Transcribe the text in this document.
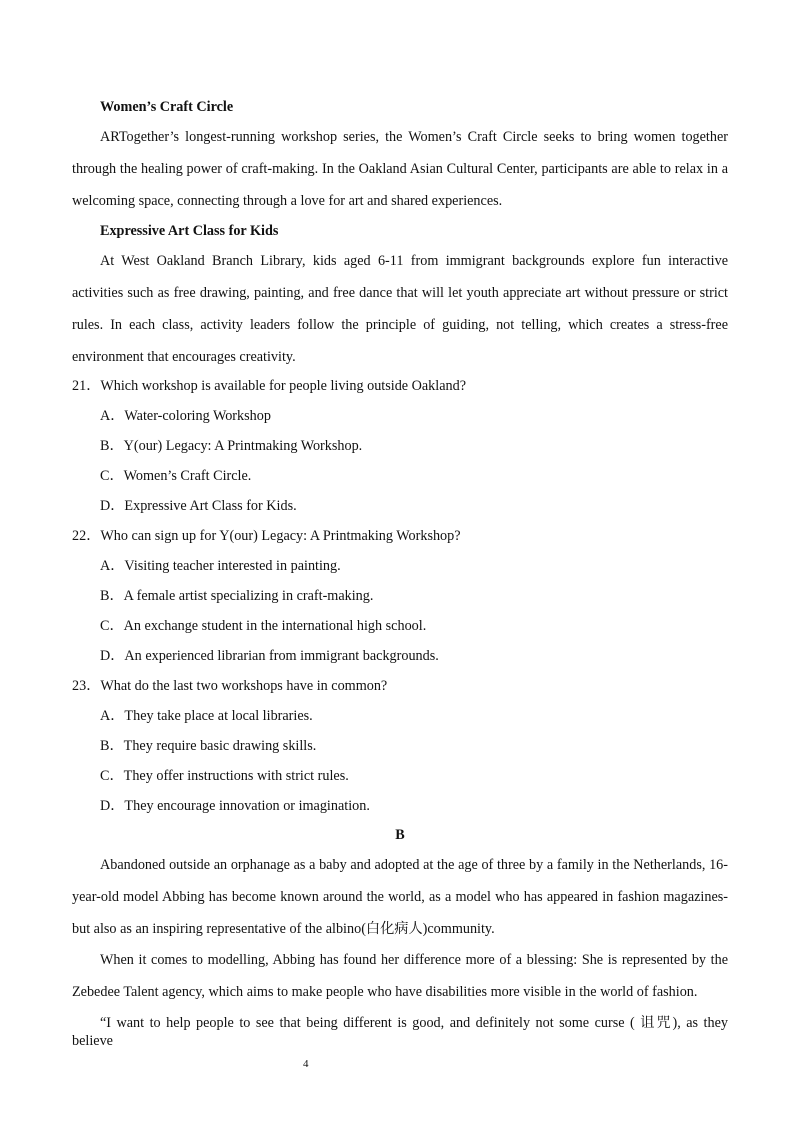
Women’s Craft Circle
ARTogether’s longest-running workshop series, the Women’s Craft Circle seeks to bring women together
through the healing power of craft-making. In the Oakland Asian Cultural Center, participants are able to relax in a
welcoming space, connecting through a love for art and shared experiences.
Expressive Art Class for Kids
At West Oakland Branch Library, kids aged 6-11 from immigrant backgrounds explore fun interactive
activities such as free drawing, painting, and free dance that will let youth appreciate art without pressure or strict
rules. In each class, activity leaders follow the principle of guiding, not telling, which creates a stress-free
environment that encourages creativity.
21．Which workshop is available for people living outside Oakland?
A．Water-coloring Workshop
B．Y(our) Legacy: A Printmaking Workshop.
C．Women’s Craft Circle.
D．Expressive Art Class for Kids.
22．Who can sign up for Y(our) Legacy: A Printmaking Workshop?
A．Visiting teacher interested in painting.
B．A female artist specializing in craft-making.
C．An exchange student in the international high school.
D．An experienced librarian from immigrant backgrounds.
23．What do the last two workshops have in common?
A．They take place at local libraries.
B．They require basic drawing skills.
C．They offer instructions with strict rules.
D．They encourage innovation or imagination.
B
Abandoned outside an orphanage as a baby and adopted at the age of three by a family in the Netherlands, 16-
year-old model Abbing has become known around the world, as a model who has appeared in fashion magazines-
but also as an inspiring representative of the albino(白化病人)community.
When it comes to modelling, Abbing has found her difference more of a blessing: She is represented by the
Zebedee Talent agency, which aims to make people who have disabilities more visible in the world of fashion.
“I want to help people to see that being different is good, and definitely not some curse ( 诅咒), as they believe
4
